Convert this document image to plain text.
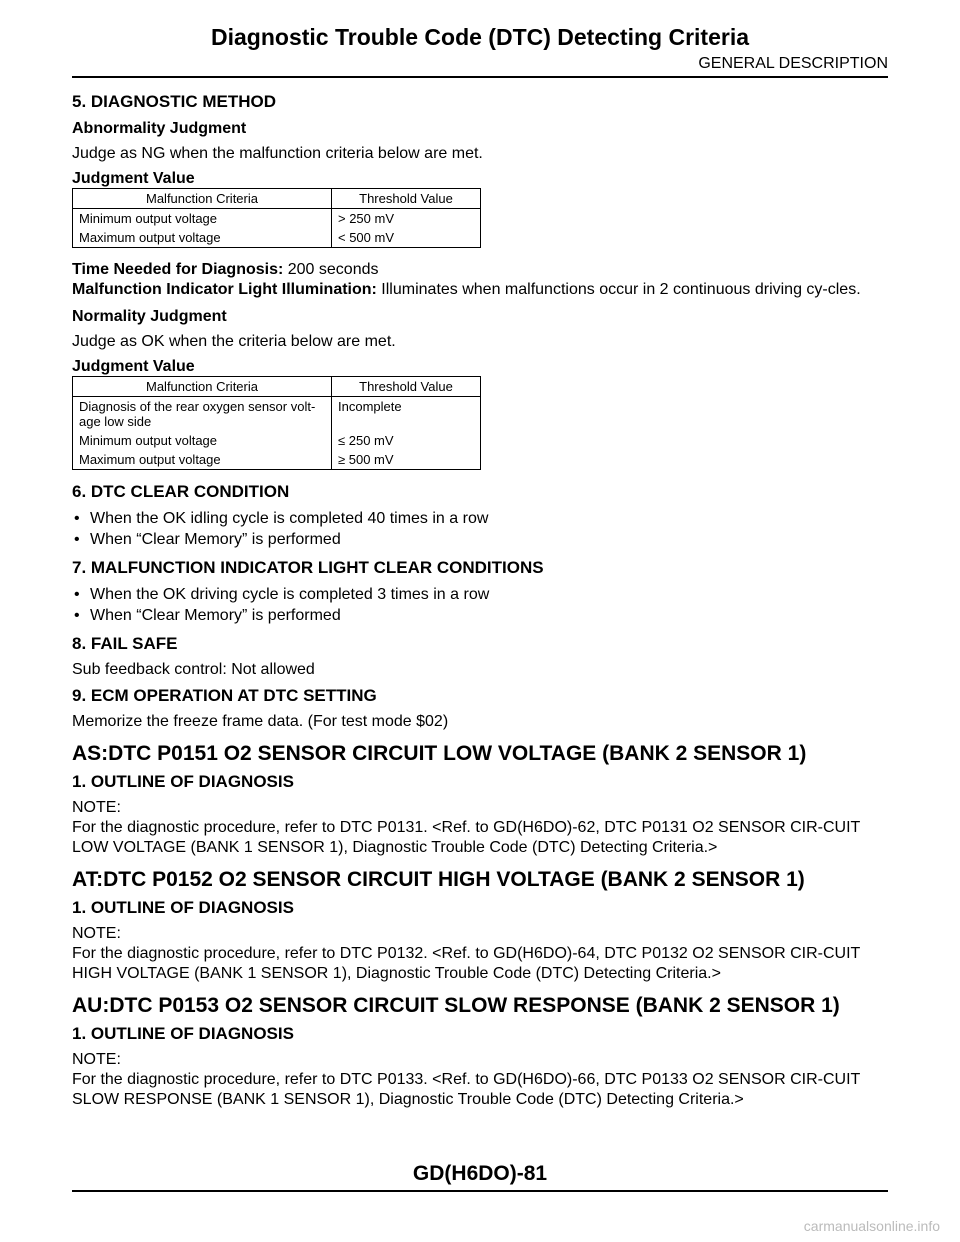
Diagnostic Trouble Code (DTC) Detecting Criteria
GENERAL DESCRIPTION
5. DIAGNOSTIC METHOD
Abnormality Judgment

Judge as NG when the malfunction criteria below are met.

Judgment Value
Malfunction Criteria	Threshold Value
Minimum output voltage	> 250 mV
Maximum output voltage	< 500 mV

Time Needed for Diagnosis: 200 seconds

Malfunction Indicator Light Illumination: Illuminates when malfunctions occur in 2 continuous driving cy-cles.

Normality Judgment

Judge as OK when the criteria below are met.

Judgment Value
Malfunction Criteria	Threshold Value
Diagnosis of the rear oxygen sensor volt-age low side	Incomplete
Minimum output voltage	≤ 250 mV
Maximum output voltage	≥ 500 mV
6. DTC CLEAR CONDITION
• When the OK idling cycle is completed 40 times in a row
• When “Clear Memory” is performed
7. MALFUNCTION INDICATOR LIGHT CLEAR CONDITIONS
• When the OK driving cycle is completed 3 times in a row
• When “Clear Memory” is performed
8. FAIL SAFE

Sub feedback control: Not allowed

9. ECM OPERATION AT DTC SETTING

Memorize the freeze frame data. (For test mode $02)

AS:DTC P0151 O2 SENSOR CIRCUIT LOW VOLTAGE (BANK 2 SENSOR 1)
1. OUTLINE OF DIAGNOSIS

NOTE:

For the diagnostic procedure, refer to DTC P0131. <Ref. to GD(H6DO)-62, DTC P0131 O2 SENSOR CIR-CUIT LOW VOLTAGE (BANK 1 SENSOR 1), Diagnostic Trouble Code (DTC) Detecting Criteria.>

AT:DTC P0152 O2 SENSOR CIRCUIT HIGH VOLTAGE (BANK 2 SENSOR 1)
1. OUTLINE OF DIAGNOSIS

NOTE:

For the diagnostic procedure, refer to DTC P0132. <Ref. to GD(H6DO)-64, DTC P0132 O2 SENSOR CIR-CUIT HIGH VOLTAGE (BANK 1 SENSOR 1), Diagnostic Trouble Code (DTC) Detecting Criteria.>

AU:DTC P0153 O2 SENSOR CIRCUIT SLOW RESPONSE (BANK 2 SENSOR 1)
1. OUTLINE OF DIAGNOSIS

NOTE:

For the diagnostic procedure, refer to DTC P0133. <Ref. to GD(H6DO)-66, DTC P0133 O2 SENSOR CIR-CUIT SLOW RESPONSE (BANK 1 SENSOR 1), Diagnostic Trouble Code (DTC) Detecting Criteria.>

GD(H6DO)-81
carmanualsonline.info
